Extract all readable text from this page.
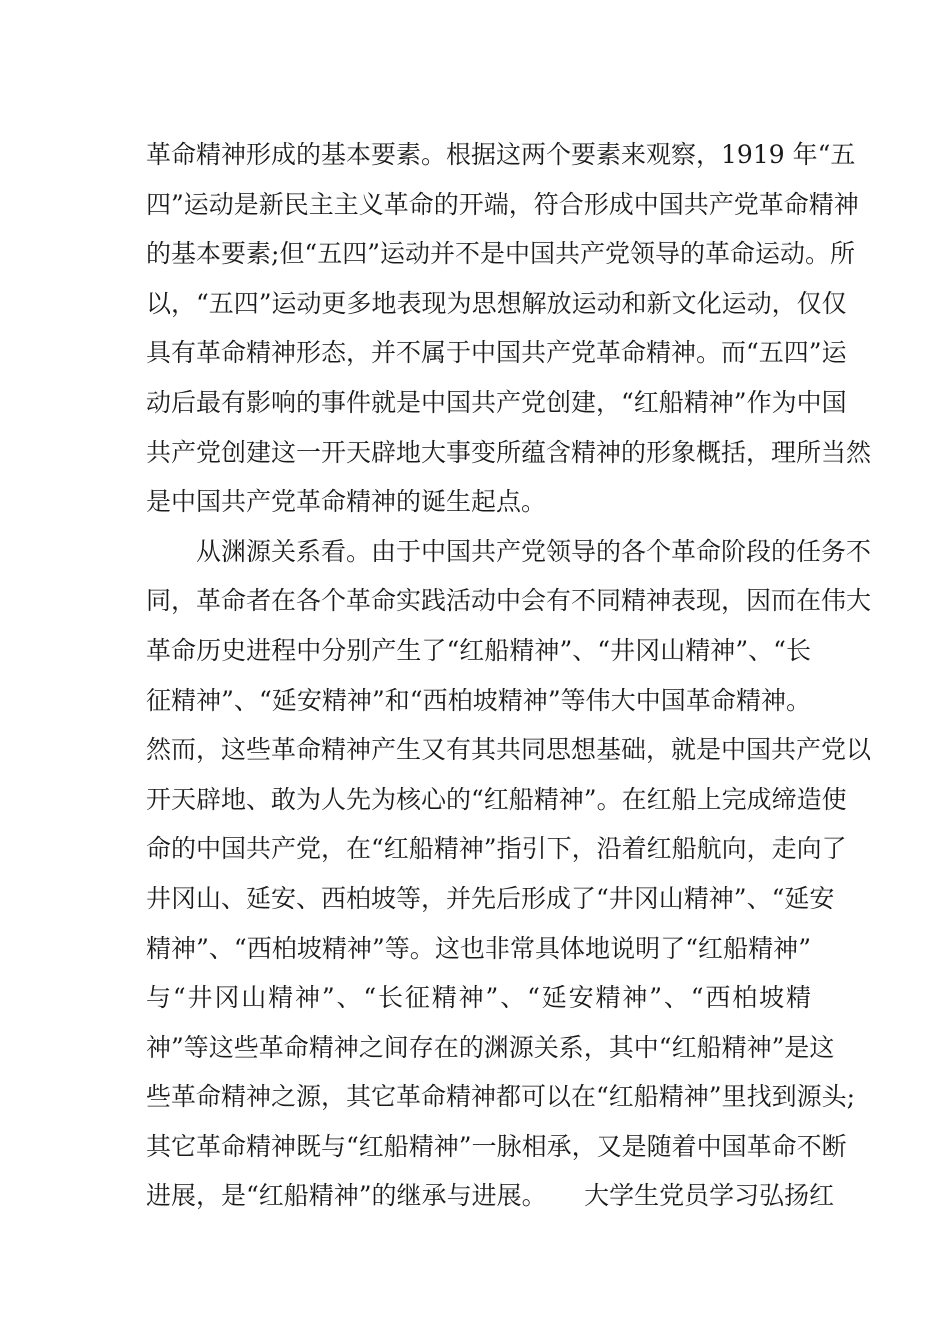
革命精神形成的基本要素。根据这两个要素来观察，1919 年“五
四”运动是新民主主义革命的开端，符合形成中国共产党革命精神
的基本要素;但“五四”运动并不是中国共产党领导的革命运动。所
以，“五四”运动更多地表现为思想解放运动和新文化运动，仅仅
具有革命精神形态，并不属于中国共产党革命精神。而“五四”运
动后最有影响的事件就是中国共产党创建，“红船精神”作为中国
共产党创建这一开天辟地大事变所蕴含精神的形象概括，理所当然
是中国共产党革命精神的诞生起点。
从渊源关系看。由于中国共产党领导的各个革命阶段的任务不
同，革命者在各个革命实践活动中会有不同精神表现，因而在伟大
革命历史进程中分别产生了“红船精神”、“井冈山精神”、“长
征精神”、“延安精神”和“西柏坡精神”等伟大中国革命精神。
然而，这些革命精神产生又有其共同思想基础，就是中国共产党以
开天辟地、敢为人先为核心的“红船精神”。在红船上完成缔造使
命的中国共产党，在“红船精神”指引下，沿着红船航向，走向了
井冈山、延安、西柏坡等，并先后形成了“井冈山精神”、“延安
精神”、“西柏坡精神”等。这也非常具体地说明了“红船精神”
与“井冈山精神”、“长征精神”、“延安精神”、“西柏坡精
神”等这些革命精神之间存在的渊源关系，其中“红船精神”是这
些革命精神之源，其它革命精神都可以在“红船精神”里找到源头;
其它革命精神既与“红船精神”一脉相承，又是随着中国革命不断
进展，是“红船精神”的继承与进展。　　大学生党员学习弘扬红
